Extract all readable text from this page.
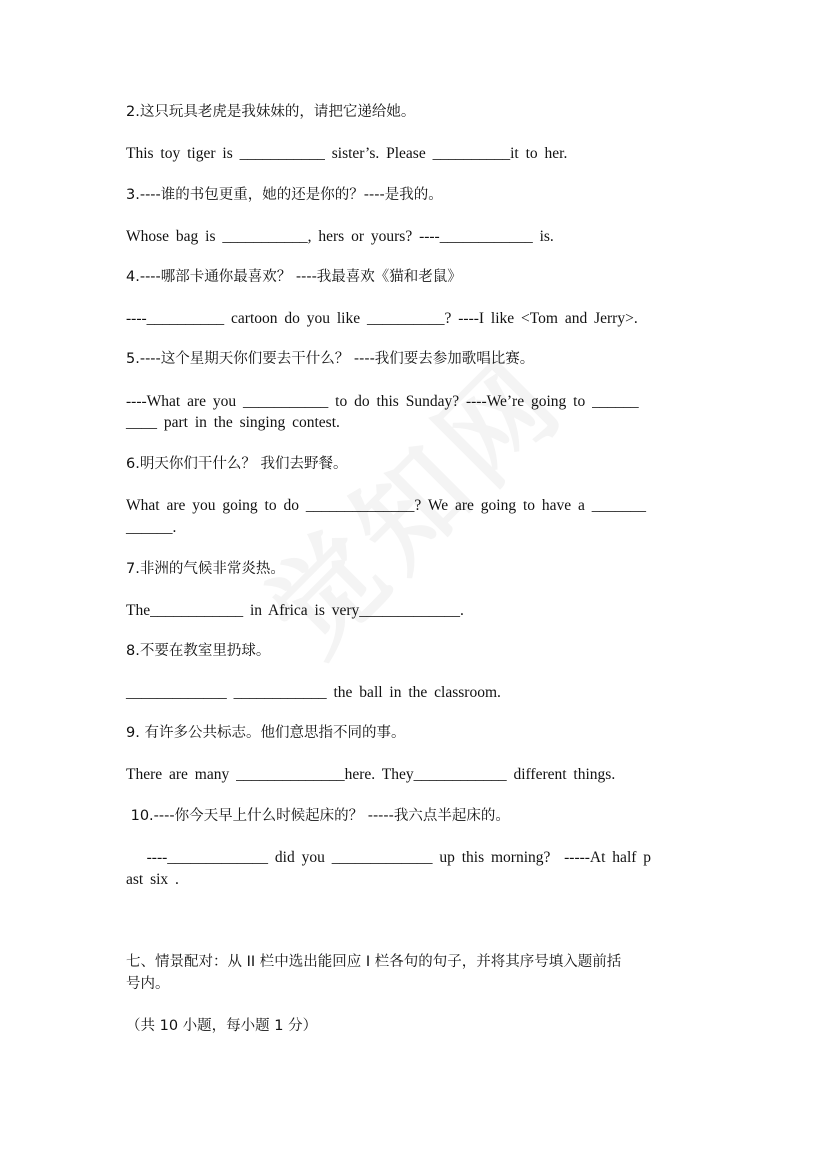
2.这只玩具老虎是我妹妹的，请把它递给她。
This toy tiger is ___________ sister’s. Please __________it to her.
3.----谁的书包更重，她的还是你的？----是我的。
Whose bag is ___________, hers or yours? ----____________ is.
4.----哪部卡通你最喜欢？ ----我最喜欢《猫和老鼠》
----__________ cartoon do you like __________? ----I like <Tom and Jerry>.
5.----这个星期天你们要去干什么？ ----我们要去参加歌唱比赛。
----What are you ___________ to do this Sunday? ----We’re going to ______
____ part in the singing contest.
6.明天你们干什么？ 我们去野餐。
What are you going to do ______________? We are going to have a _______
______.
7.非洲的气候非常炎热。
The____________ in Africa is very_____________.
8.不要在教室里扔球。
_____________ ____________ the ball in the classroom.
9. 有许多公共标志。他们意思指不同的事。
There are many ______________here. They____________ different things.
10.----你今天早上什么时候起床的？ -----我六点半起床的。
----_____________ did you _____________ up this morning?  -----At half p
ast six .
七、情景配对：从 II 栏中选出能回应 I 栏各句的句子，并将其序号填入题前括
号内。
（共 10 小题，每小题 1 分）
